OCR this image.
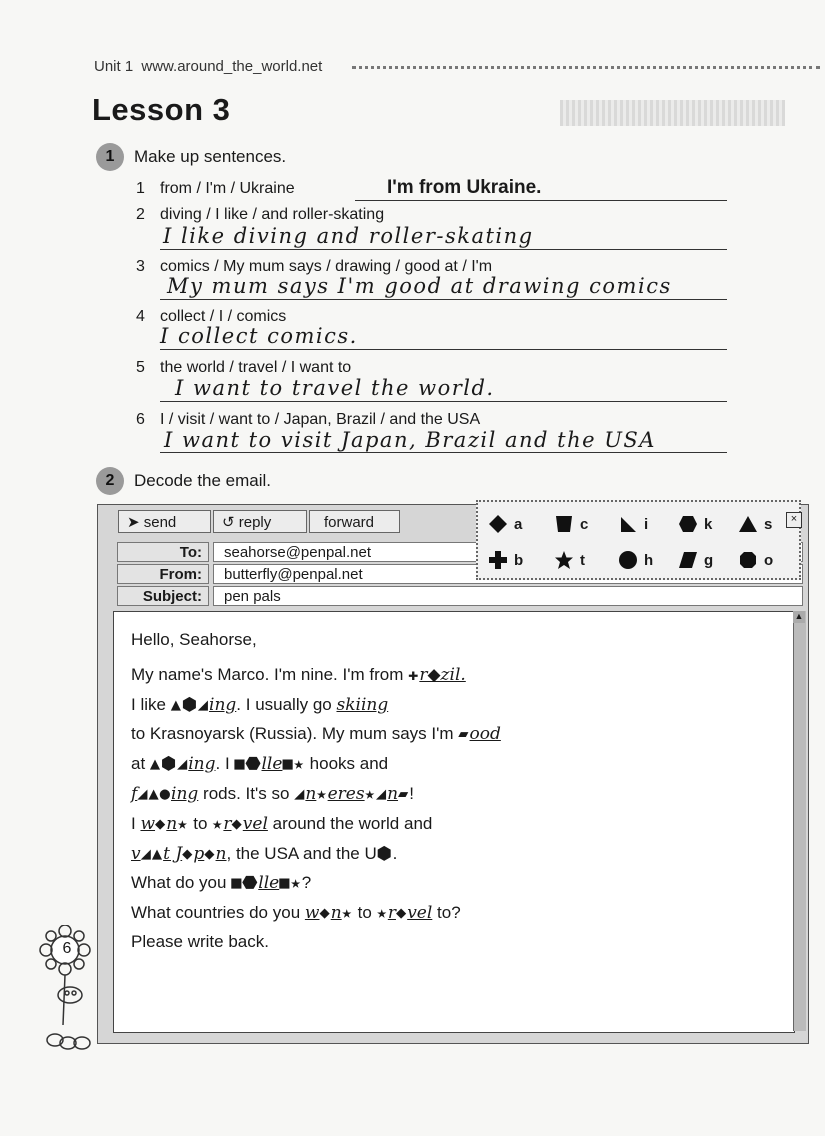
Unit 1 www.around_the_world.net
Lesson 3
1	Make up sentences.
1 from / I'm / Ukraine	I'm from Ukraine.
2 diving / I like / and roller-skating
I like diving and roller-skating
3 comics / My mum says / drawing / good at / I'm
My mum says I'm good at drawing comics
4 collect / I / comics
I collect comics.
5 the world / travel / I want to
I want to travel the world.
6 I / visit / want to / Japan, Brazil / and the USA
I want to visit Japan, Brazil and the USA
2	Decode the email.
➤ send	↺ reply	forward
To:	seahorse@penpal.net
From:	butterfly@penpal.net
Subject:	pen pals
a	c	i	k	s
b	t	h	g	o
×
▲
Hello, Seahorse,
My name's Marco. I'm nine. I'm from ✚r◆zil.
I like ▲⬢◢ing. I usually go skiing
to Krasnoyarsk (Russia). My mum says I'm ▰ood
at ▲⬢◢ing. I ■⬣lle■★ hooks and
f◢▲●ing rods. It's so ◢n★eres★◢n▰!
I w◆n★ to ★r◆vel around the world and
v◢▲t J◆p◆n, the USA and the U⬢.
What do you ■⬣lle■★?
What countries do you w◆n★ to ★r◆vel to?
Please write back.
6
